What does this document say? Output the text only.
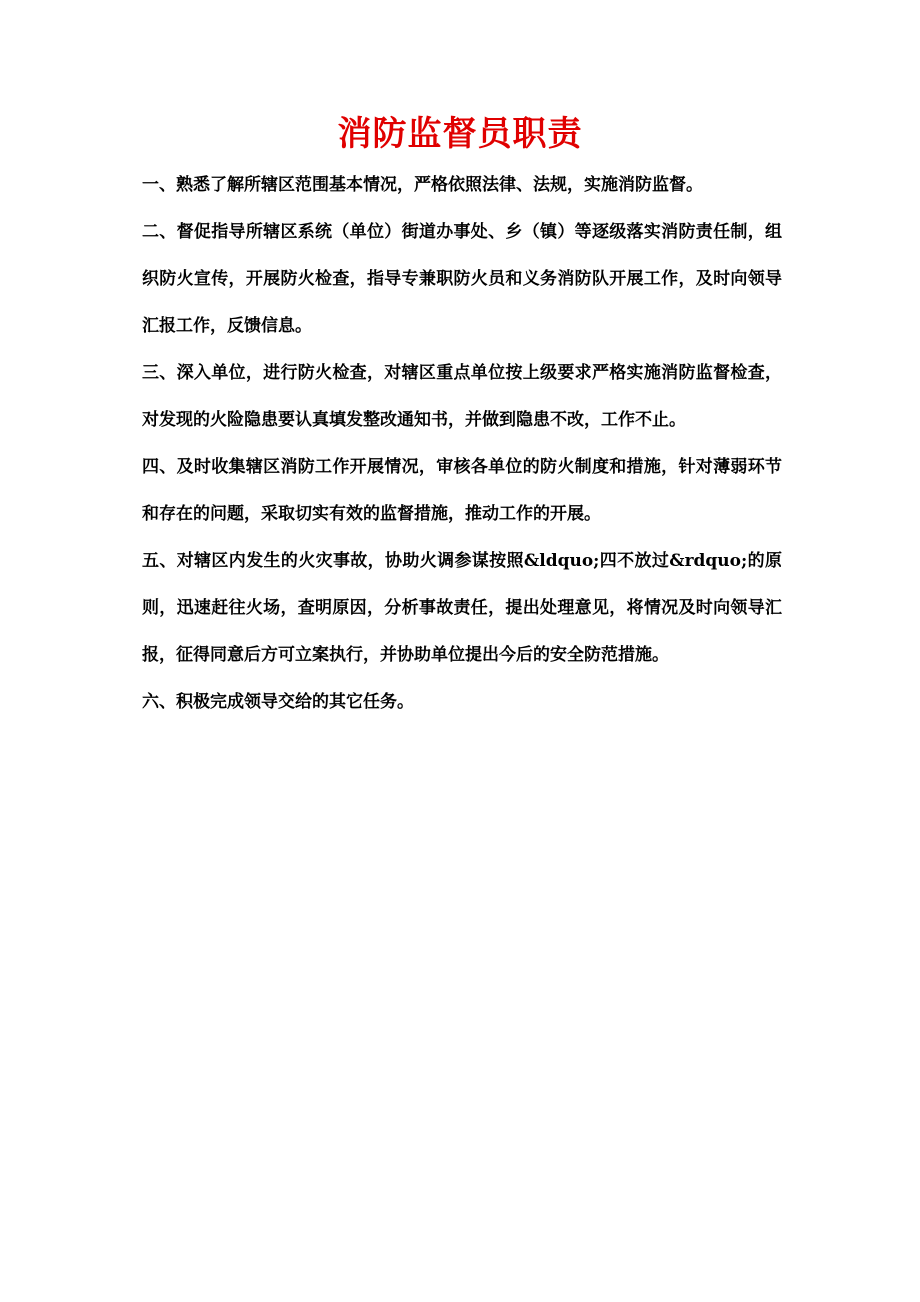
消防监督员职责

一、熟悉了解所辖区范围基本情况，严格依照法律、法规，实施消防监督。

二、督促指导所辖区系统（单位）街道办事处、乡（镇）等逐级落实消防责任制，组织防火宣传，开展防火检查，指导专兼职防火员和义务消防队开展工作，及时向领导汇报工作，反馈信息。

三、深入单位，进行防火检查，对辖区重点单位按上级要求严格实施消防监督检查，对发现的火险隐患要认真填发整改通知书，并做到隐患不改，工作不止。

四、及时收集辖区消防工作开展情况，审核各单位的防火制度和措施，针对薄弱环节和存在的问题，采取切实有效的监督措施，推动工作的开展。

五、对辖区内发生的火灾事故，协助火调参谋按照&ldquo;四不放过&rdquo;的原则，迅速赶往火场，查明原因，分析事故责任，提出处理意见，将情况及时向领导汇报，征得同意后方可立案执行，并协助单位提出今后的安全防范措施。

六、积极完成领导交给的其它任务。
